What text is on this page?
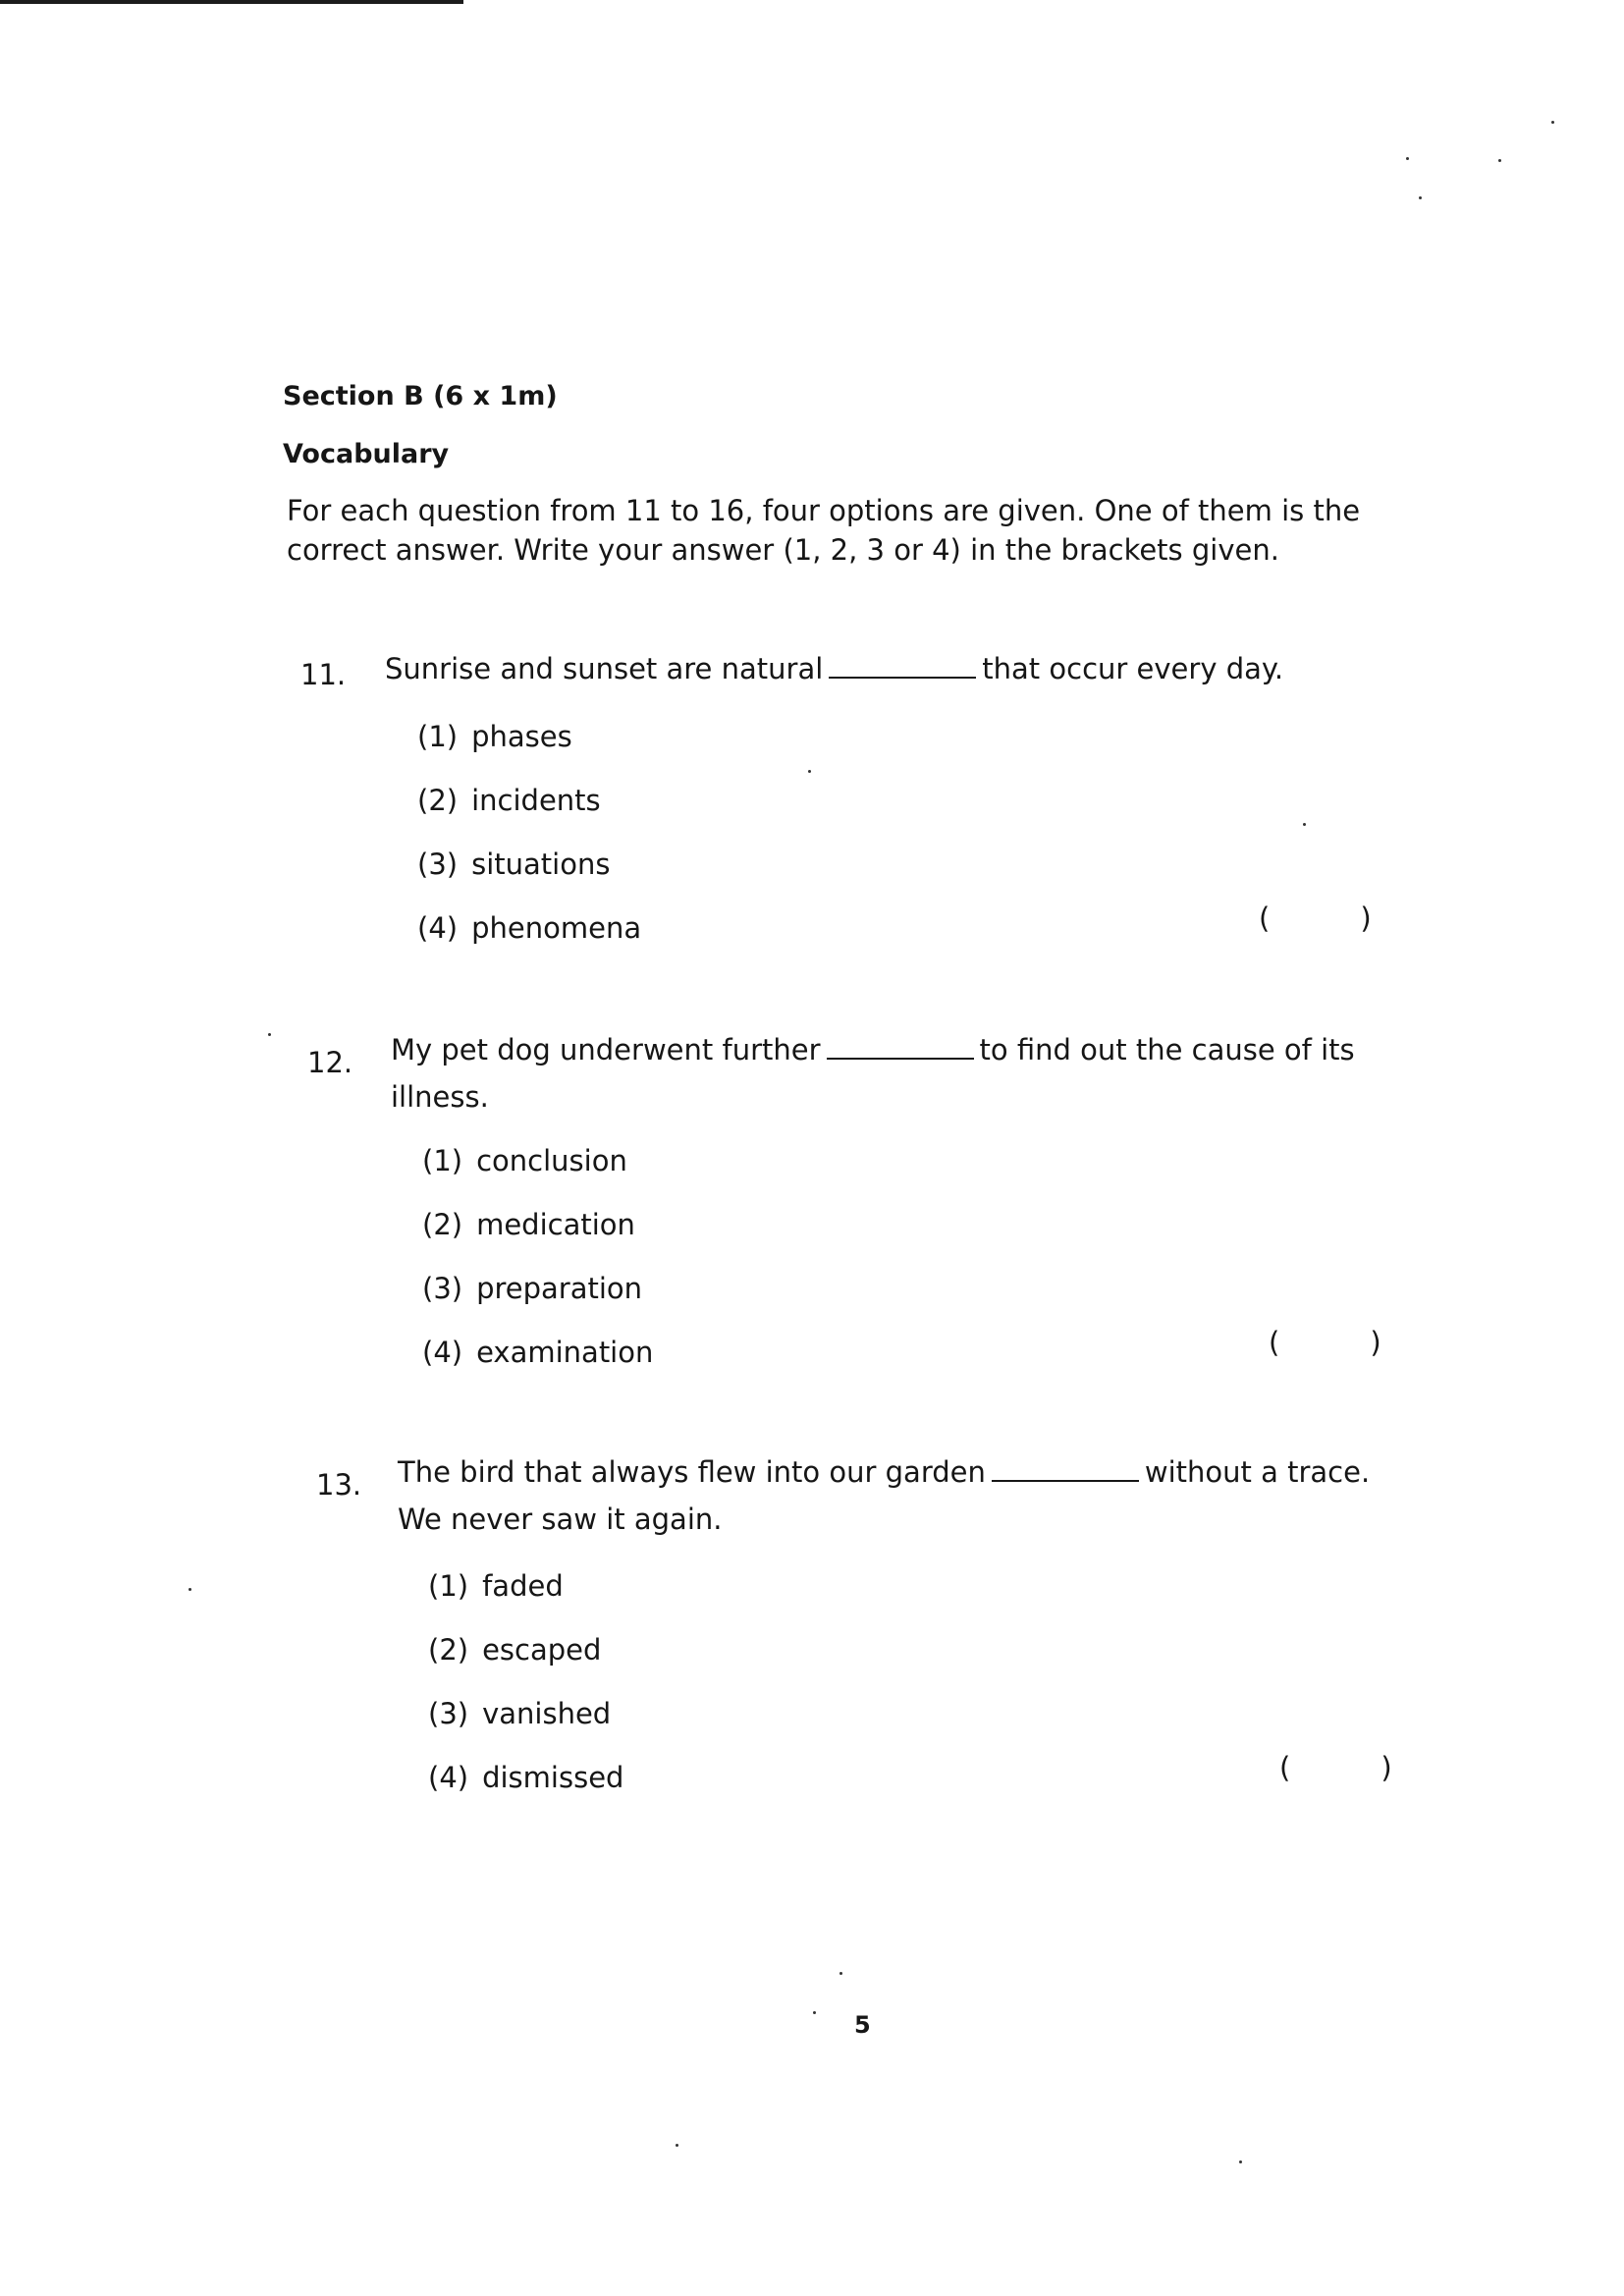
Section B (6 x 1m)
Vocabulary
For each question from 11 to 16, four options are given. One of them is the
correct answer. Write your answer (1, 2, 3 or 4) in the brackets given.
11. Sunrise and sunset are natural	that occur every day.
(1) phases
(2) incidents
(3) situations
(4) phenomena	(	)
12. My pet dog underwent further	to find out the cause of its
illness.
(1) conclusion
(2) medication
(3) preparation
(4) examination	(	)
13. The bird that always flew into our garden	without a trace.
We never saw it again.
(1) faded
(2) escaped
(3) vanished
(4) dismissed	(	)
5
